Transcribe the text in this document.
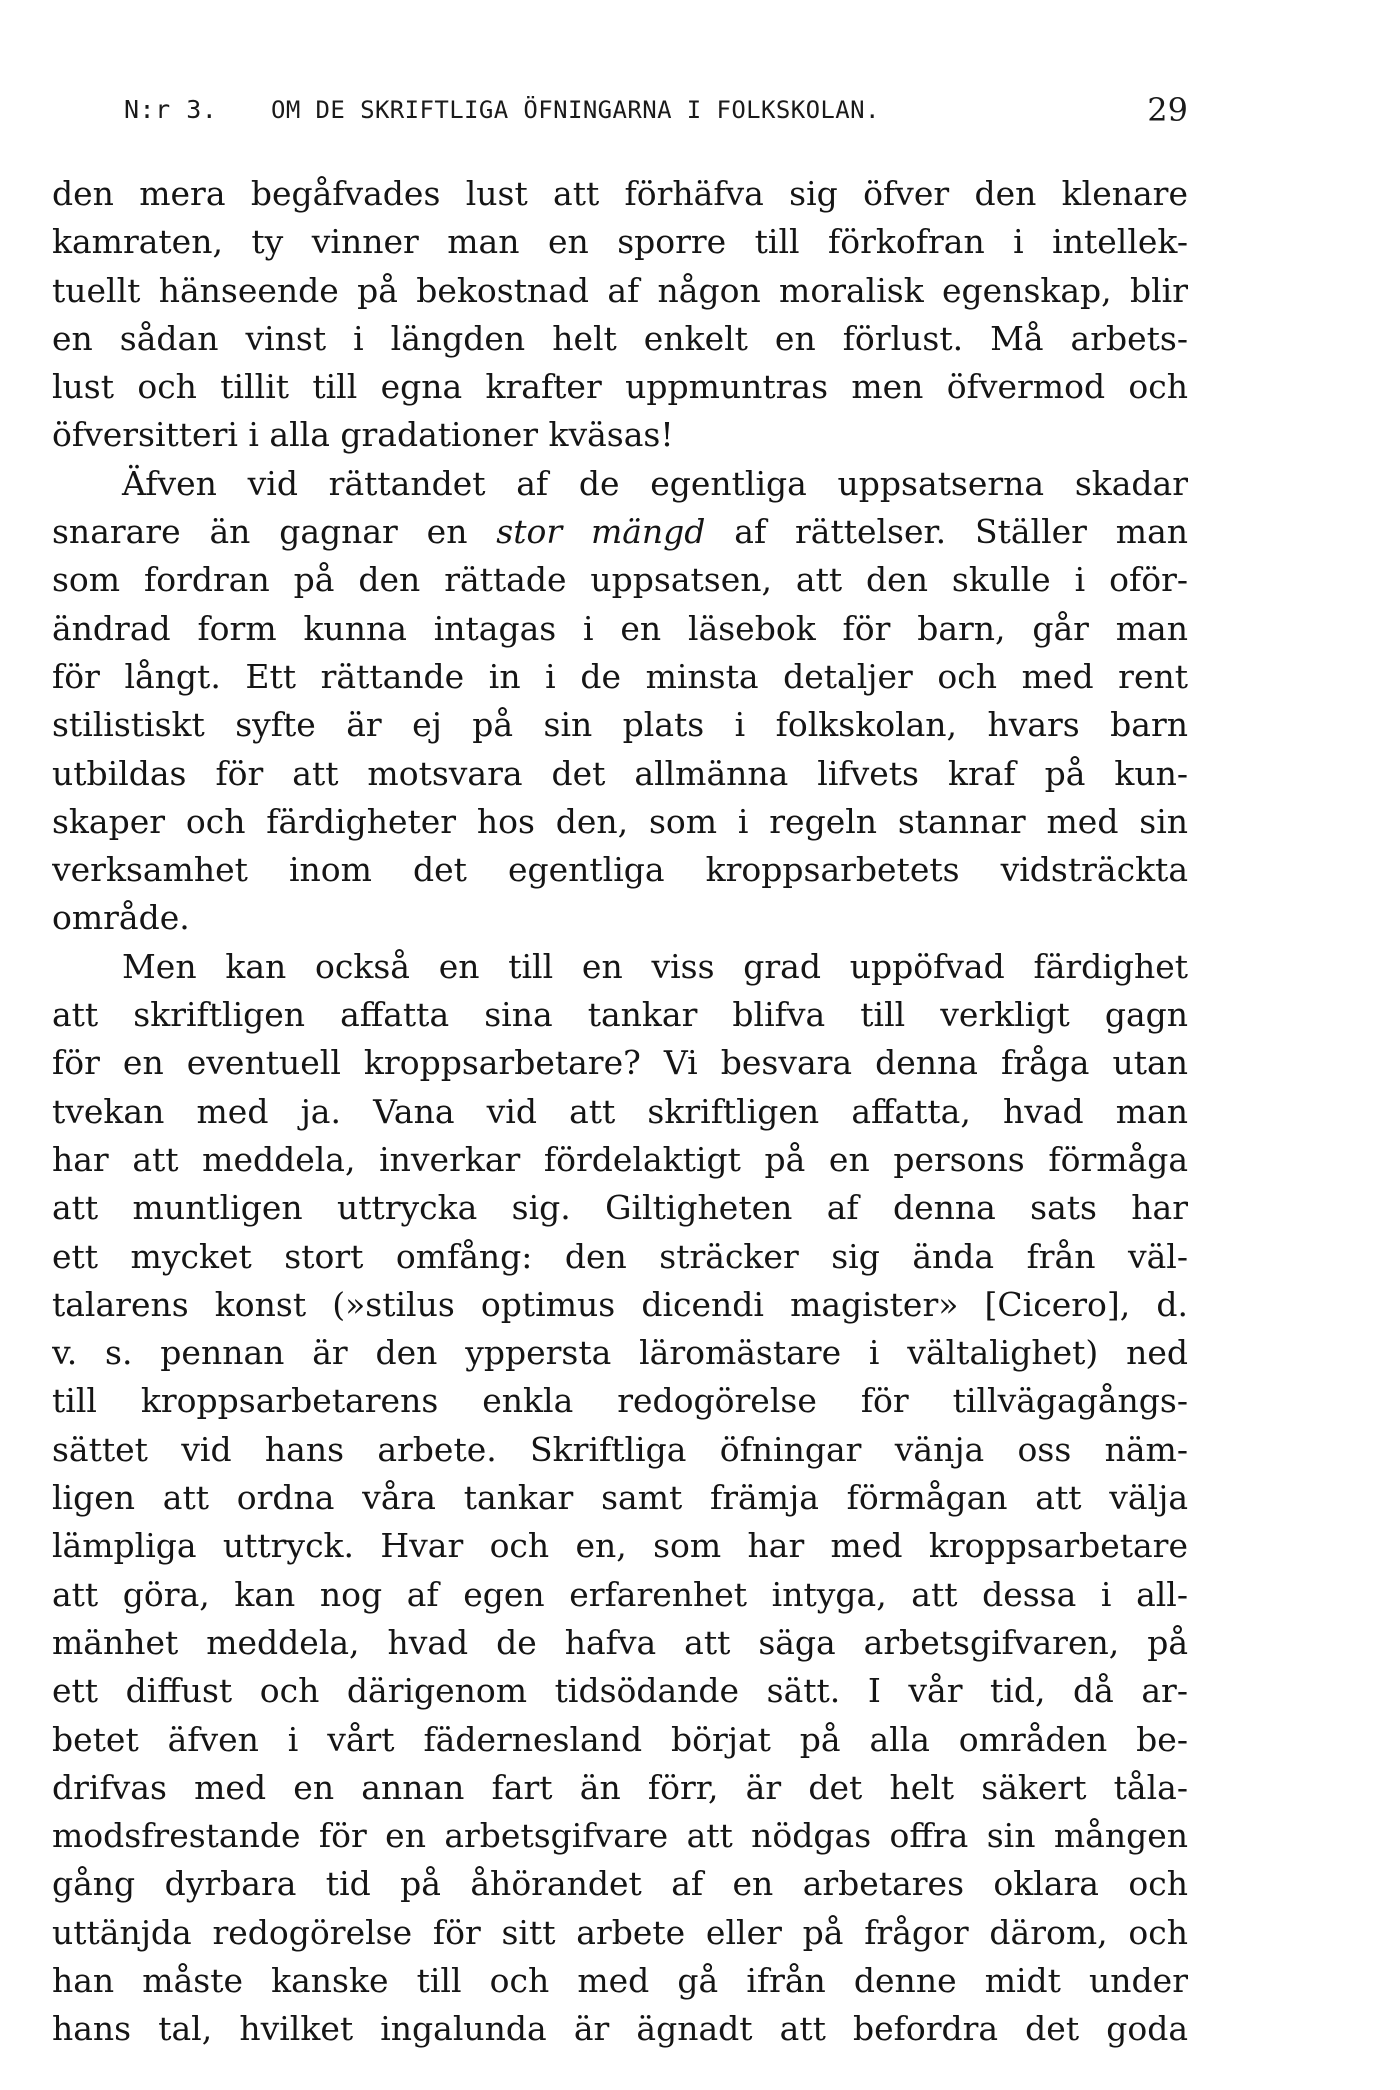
N:r 3. OM DE SKRIFTLIGA ÖFNINGARNA I FOLKSKOLAN.	29
den mera begåfvades lust att förhäfva sig öfver den klenare
kamraten, ty vinner man en sporre till förkofran i intellek-
tuellt hänseende på bekostnad af någon moralisk egenskap, blir
en sådan vinst i längden helt enkelt en förlust. Må arbets-
lust och tillit till egna krafter uppmuntras men öfvermod och
öfversitteri i alla gradationer kväsas!
Äfven vid rättandet af de egentliga uppsatserna skadar
snarare än gagnar en stor mängd af rättelser. Ställer man
som fordran på den rättade uppsatsen, att den skulle i oför-
ändrad form kunna intagas i en läsebok för barn, går man
för långt. Ett rättande in i de minsta detaljer och med rent
stilistiskt syfte är ej på sin plats i folkskolan, hvars barn
utbildas för att motsvara det allmänna lifvets kraf på kun-
skaper och färdigheter hos den, som i regeln stannar med sin
verksamhet inom det egentliga kroppsarbetets vidsträckta
område.
Men kan också en till en viss grad uppöfvad färdighet
att skriftligen affatta sina tankar blifva till verkligt gagn
för en eventuell kroppsarbetare? Vi besvara denna fråga utan
tvekan med ja. Vana vid att skriftligen affatta, hvad man
har att meddela, inverkar fördelaktigt på en persons förmåga
att muntligen uttrycka sig. Giltigheten af denna sats har
ett mycket stort omfång: den sträcker sig ända från väl-
talarens konst (»stilus optimus dicendi magister» [Cicero], d.
v. s. pennan är den yppersta läromästare i vältalighet) ned
till kroppsarbetarens enkla redogörelse för tillvägagångs-
sättet vid hans arbete. Skriftliga öfningar vänja oss näm-
ligen att ordna våra tankar samt främja förmågan att välja
lämpliga uttryck. Hvar och en, som har med kroppsarbetare
att göra, kan nog af egen erfarenhet intyga, att dessa i all-
mänhet meddela, hvad de hafva att säga arbetsgifvaren, på
ett diffust och därigenom tidsödande sätt. I vår tid, då ar-
betet äfven i vårt fädernesland börjat på alla områden be-
drifvas med en annan fart än förr, är det helt säkert tåla-
modsfrestande för en arbetsgifvare att nödgas offra sin mången
gång dyrbara tid på åhörandet af en arbetares oklara och
uttänjda redogörelse för sitt arbete eller på frågor därom, och
han måste kanske till och med gå ifrån denne midt under
hans tal, hvilket ingalunda är ägnadt att befordra det goda
